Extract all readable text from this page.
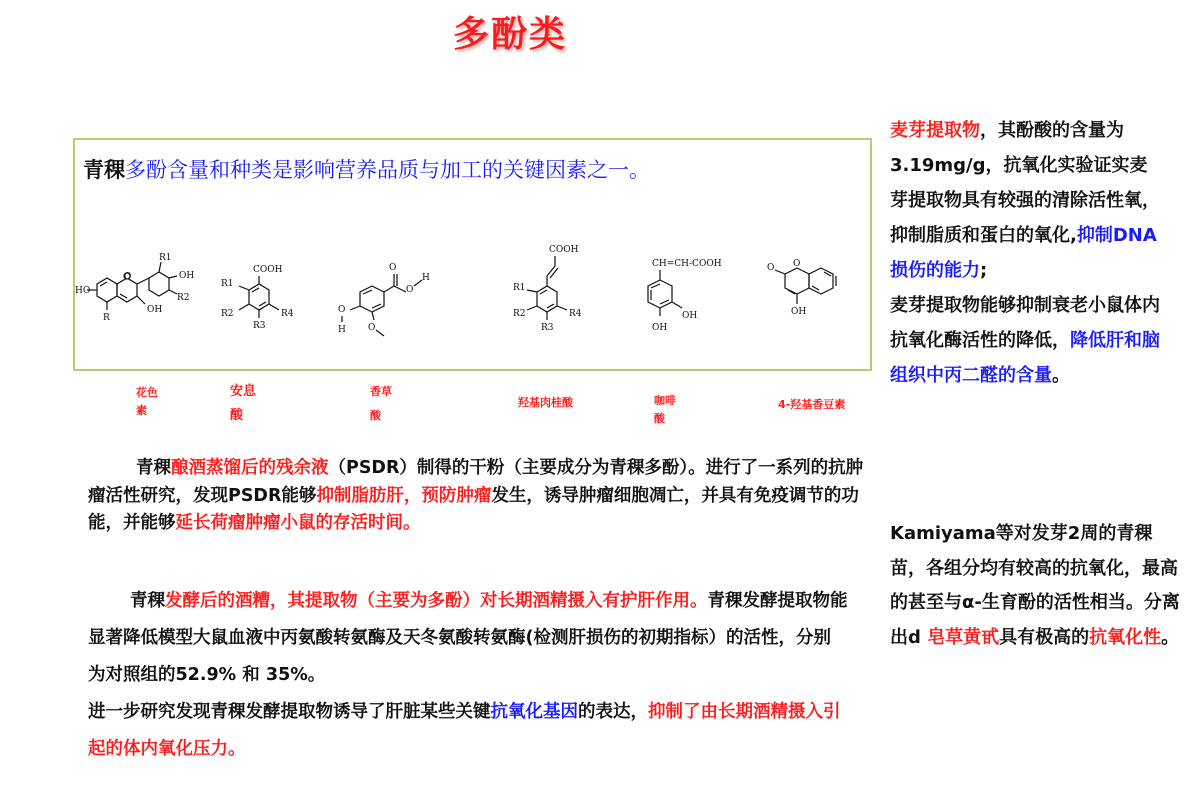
多酚类
青稞多酚含量和种类是影响营养品质与加工的关键因素之一。
HO
O	OH
OH
R1
R2
R
COOH
R1
R2
R3
R4
O
O
H
O
H O
COOH
R1
R2
R3
R4
CH=CH-COOH
OH
OH
O O
OH
花色
素
安息
酸
香草
酸
羟基肉桂酸	咖啡
酸
4-羟基香豆素
青稞酿酒蒸馏后的残余液（PSDR）制得的干粉（主要成分为青稞多酚）。进行了一系列的抗肿瘤活性研究，发现PSDR能够抑制脂肪肝，预防肿瘤发生，诱导肿瘤细胞凋亡，并具有免疫调节的功能，并能够延长荷瘤肿瘤小鼠的存活时间。
青稞发酵后的酒糟，其提取物（主要为多酚）对长期酒精摄入有护肝作用。青稞发酵提取物能显著降低模型大鼠血液中丙氨酸转氨酶及天冬氨酸转氨酶(检测肝损伤的初期指标）的活性，分别为对照组的52.9% 和 35%。
进一步研究发现青稞发酵提取物诱导了肝脏某些关键抗氧化基因的表达，抑制了由长期酒精摄入引起的体内氧化压力。
麦芽提取物，其酚酸的含量为3.19mg/g，抗氧化实验证实麦芽提取物具有较强的清除活性氧，抑制脂质和蛋白的氧化,抑制DNA损伤的能力;
麦芽提取物能够抑制衰老小鼠体内抗氧化酶活性的降低，降低肝和脑组织中丙二醛的含量。
Kamiyama等对发芽2周的青稞苗，各组分均有较高的抗氧化，最高的甚至与α-生育酚的活性相当。分离出d 皂草黄甙具有极高的抗氧化性。
